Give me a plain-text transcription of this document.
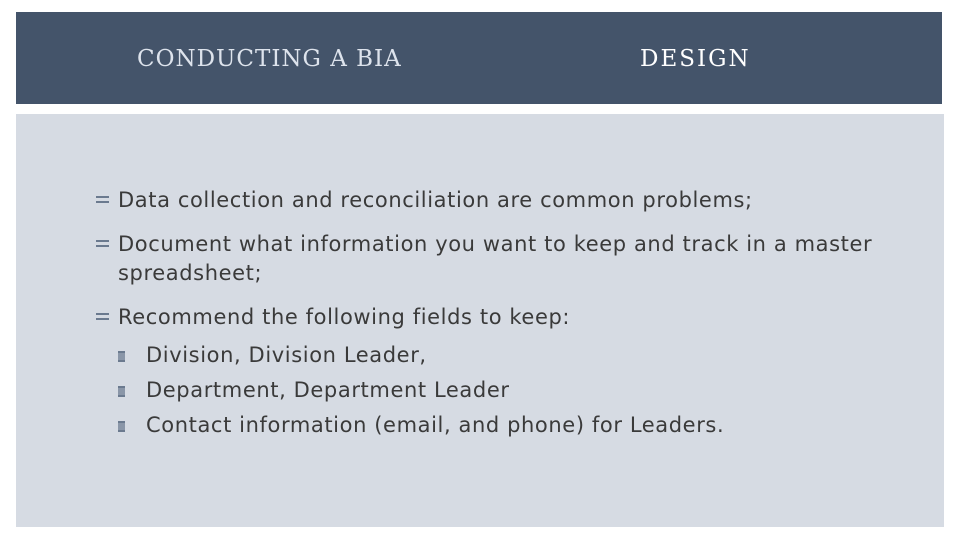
CONDUCTING A BIA	DESIGN
Data collection and reconciliation are common problems;
Document what information you want to keep and track in a master spreadsheet;
Recommend the following fields to keep:
Division, Division Leader,
Department, Department Leader
Contact information (email, and phone) for Leaders.
